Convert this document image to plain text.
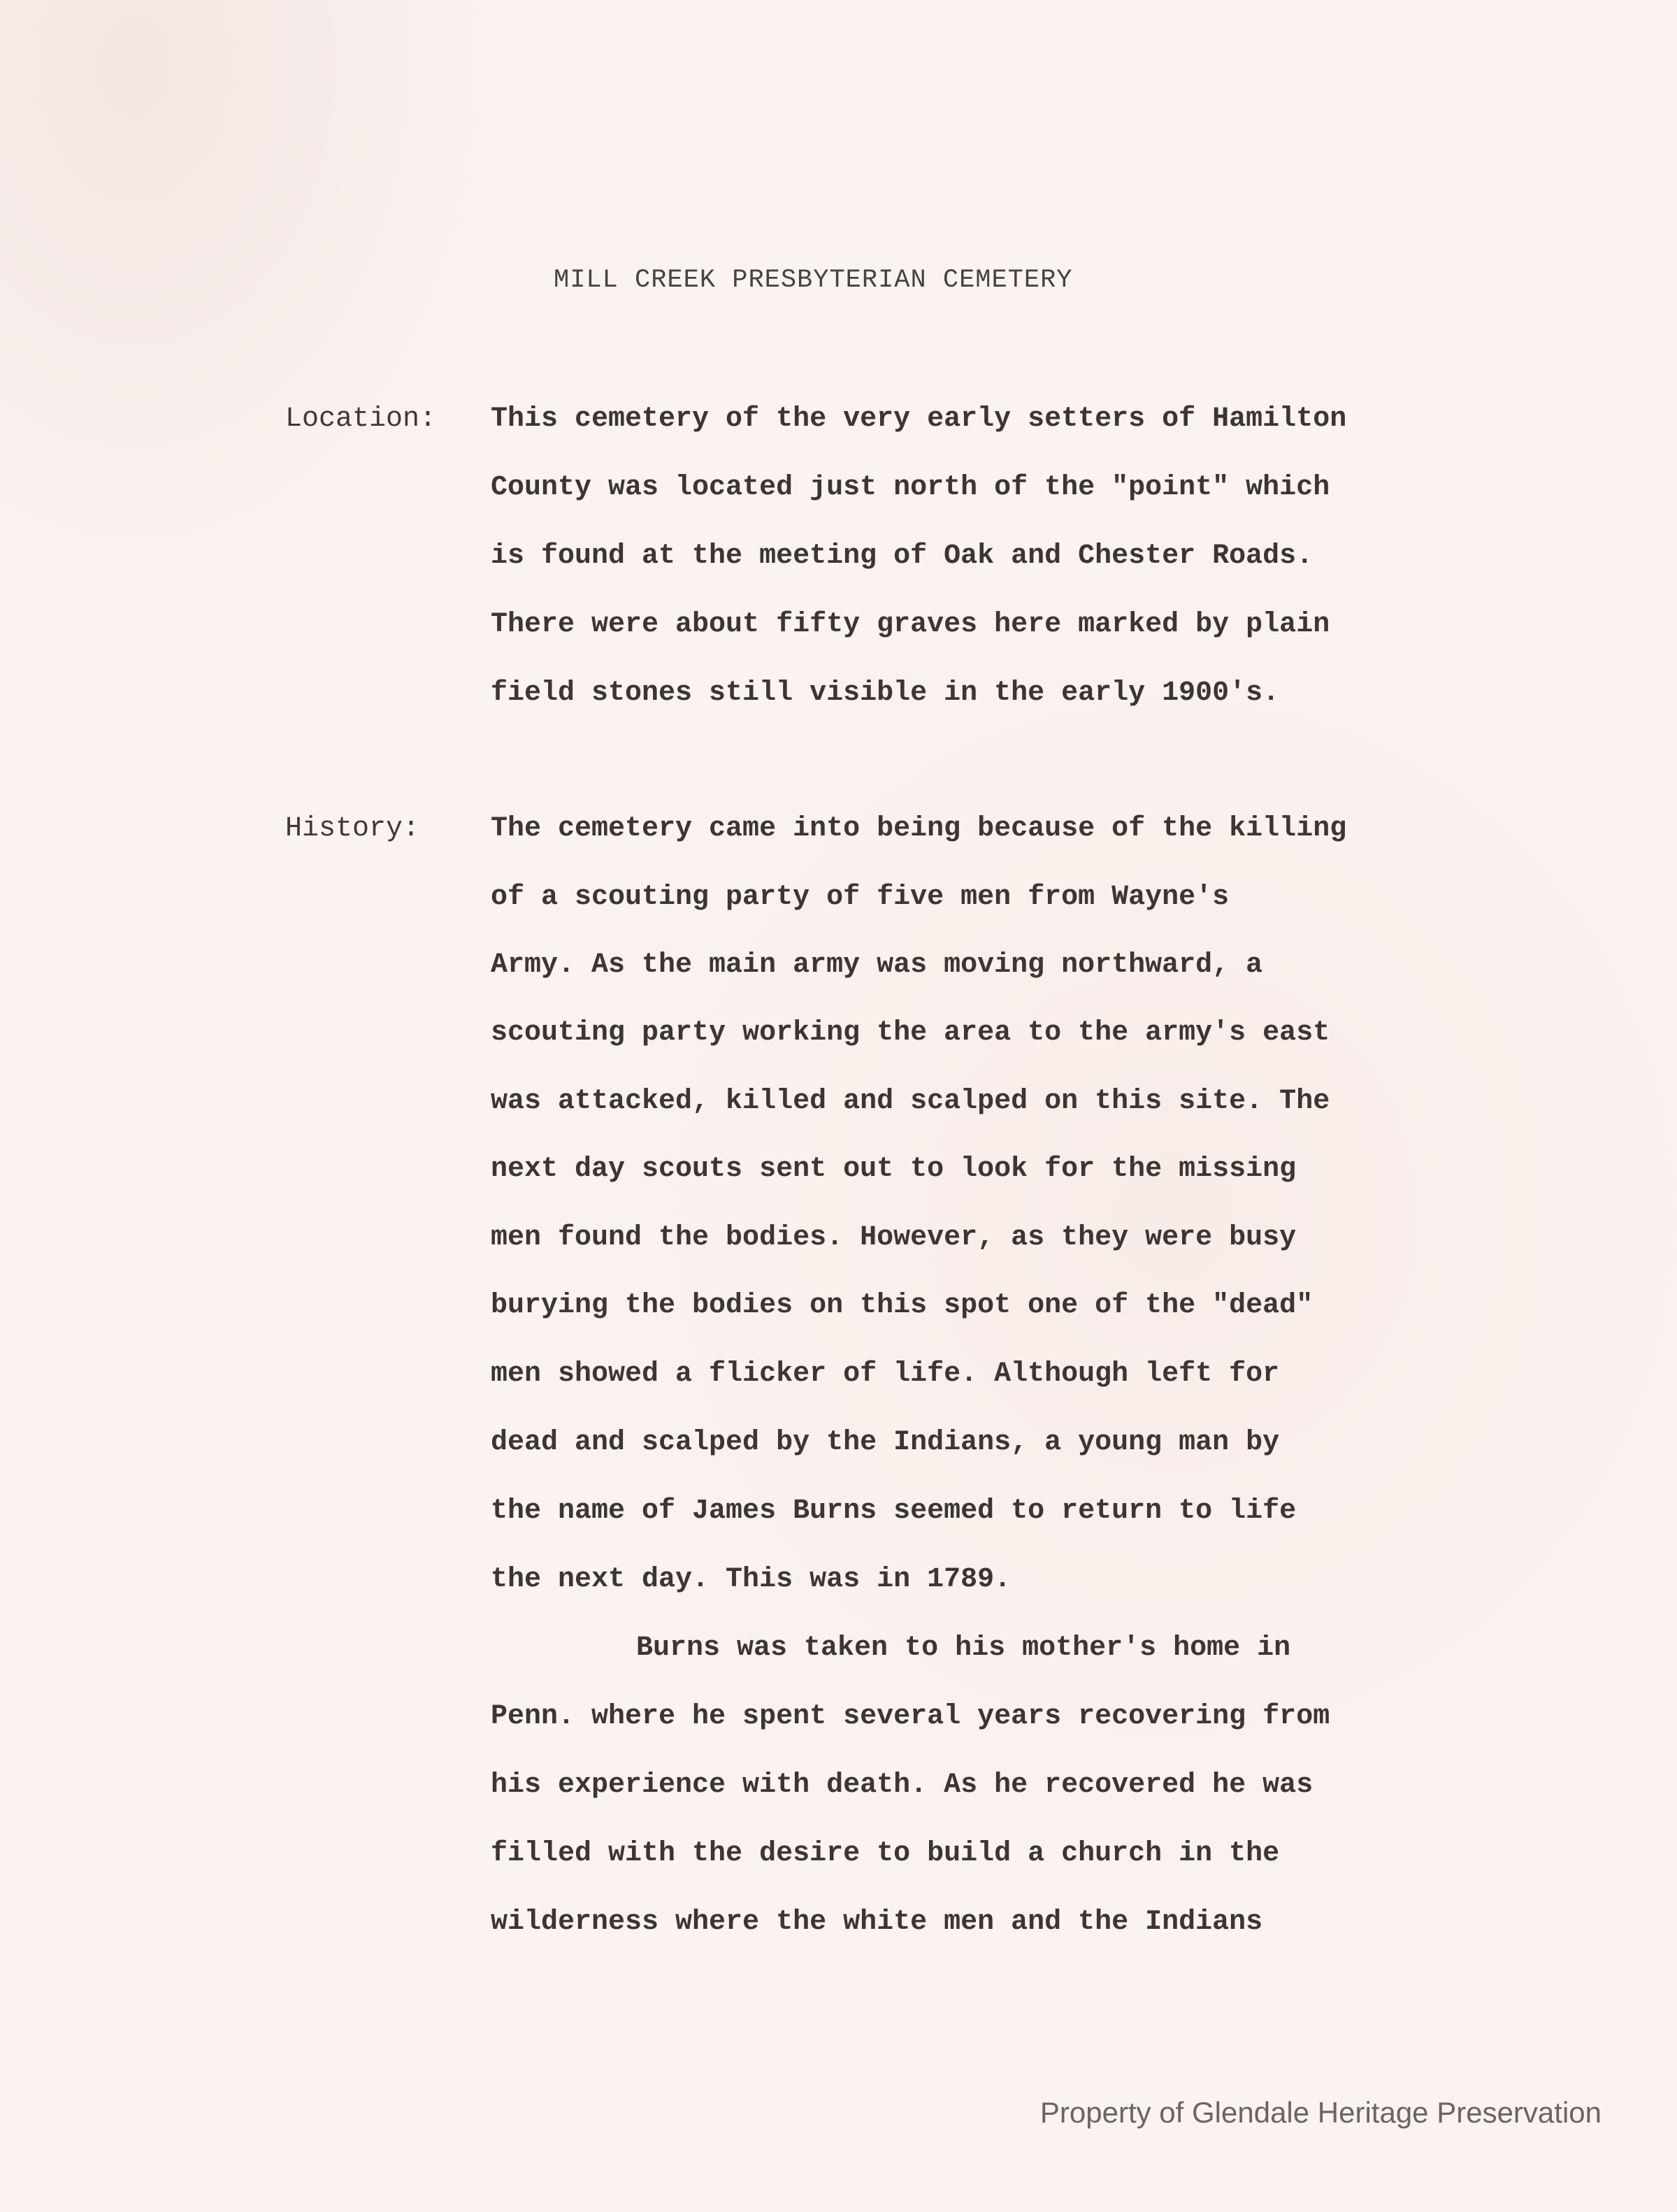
MILL CREEK PRESBYTERIAN CEMETERY
Location: This cemetery of the very early setters of Hamilton
County was located just north of the "point" which
is found at the meeting of Oak and Chester Roads.
There were about fifty graves here marked by plain
field stones still visible in the early 1900's.
History:	The cemetery came into being because of the killing
of a scouting party of five men from Wayne's
Army. As the main army was moving northward, a
scouting party working the area to the army's east
was attacked, killed and scalped on this site. The
next day scouts sent out to look for the missing
men found the bodies. However, as they were busy
burying the bodies on this spot one of the "dead"
men showed a flicker of life. Although left for
dead and scalped by the Indians, a young man by
the name of James Burns seemed to return to life
the next day. This was in 1789.
Burns was taken to his mother's home in
Penn. where he spent several years recovering from
his experience with death. As he recovered he was
filled with the desire to build a church in the
wilderness where the white men and the Indians
Property of Glendale Heritage Preservation
